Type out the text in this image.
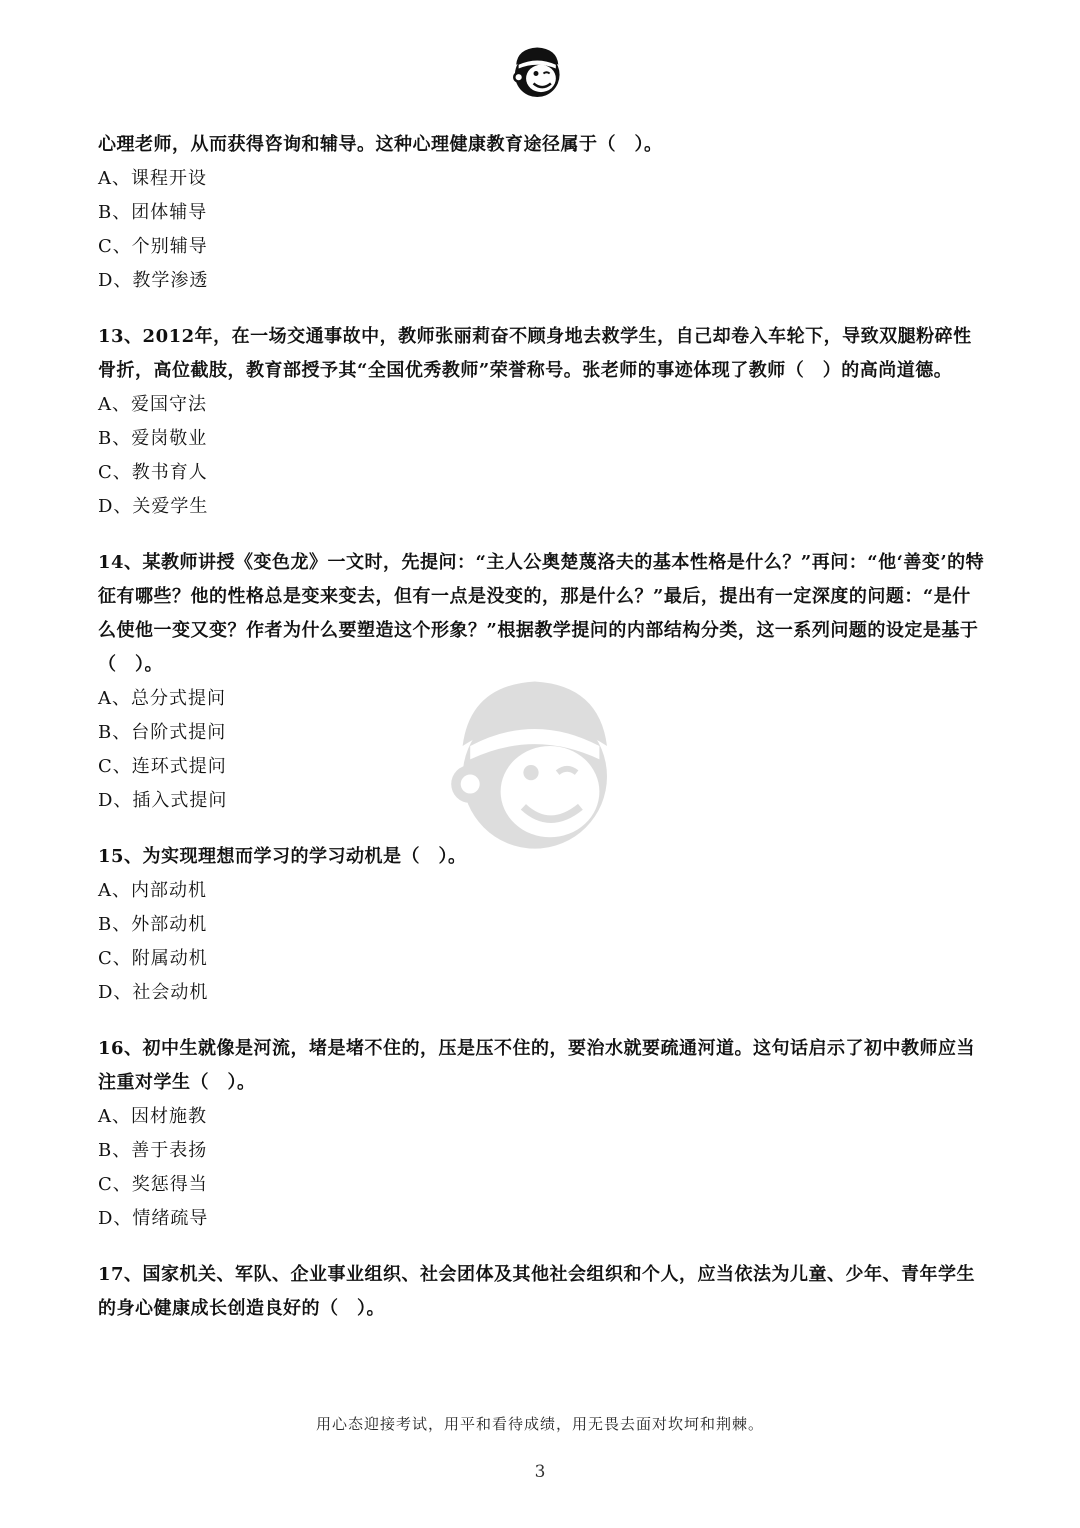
心理老师，从而获得咨询和辅导。这种心理健康教育途径属于（　）。
A、课程开设
B、团体辅导
C、个别辅导
D、教学渗透
13、2012年，在一场交通事故中，教师张丽莉奋不顾身地去救学生，自己却卷入车轮下，导致双腿粉碎性骨折，高位截肢，教育部授予其“全国优秀教师”荣誉称号。张老师的事迹体现了教师（　）的高尚道德。
A、爱国守法
B、爱岗敬业
C、教书育人
D、关爱学生
14、某教师讲授《变色龙》一文时，先提问：“主人公奥楚蔑洛夫的基本性格是什么？”再问：“他‘善变’的特征有哪些？他的性格总是变来变去，但有一点是没变的，那是什么？”最后，提出有一定深度的问题：“是什么使他一变又变？作者为什么要塑造这个形象？”根据教学提问的内部结构分类，这一系列问题的设定是基于（　）。
A、总分式提问
B、台阶式提问
C、连环式提问
D、插入式提问
15、为实现理想而学习的学习动机是（　）。
A、内部动机
B、外部动机
C、附属动机
D、社会动机
16、初中生就像是河流，堵是堵不住的，压是压不住的，要治水就要疏通河道。这句话启示了初中教师应当注重对学生（　）。
A、因材施教
B、善于表扬
C、奖惩得当
D、情绪疏导
17、国家机关、军队、企业事业组织、社会团体及其他社会组织和个人，应当依法为儿童、少年、青年学生的身心健康成长创造良好的（　）。
用心态迎接考试，用平和看待成绩，用无畏去面对坎坷和荆棘。
3
